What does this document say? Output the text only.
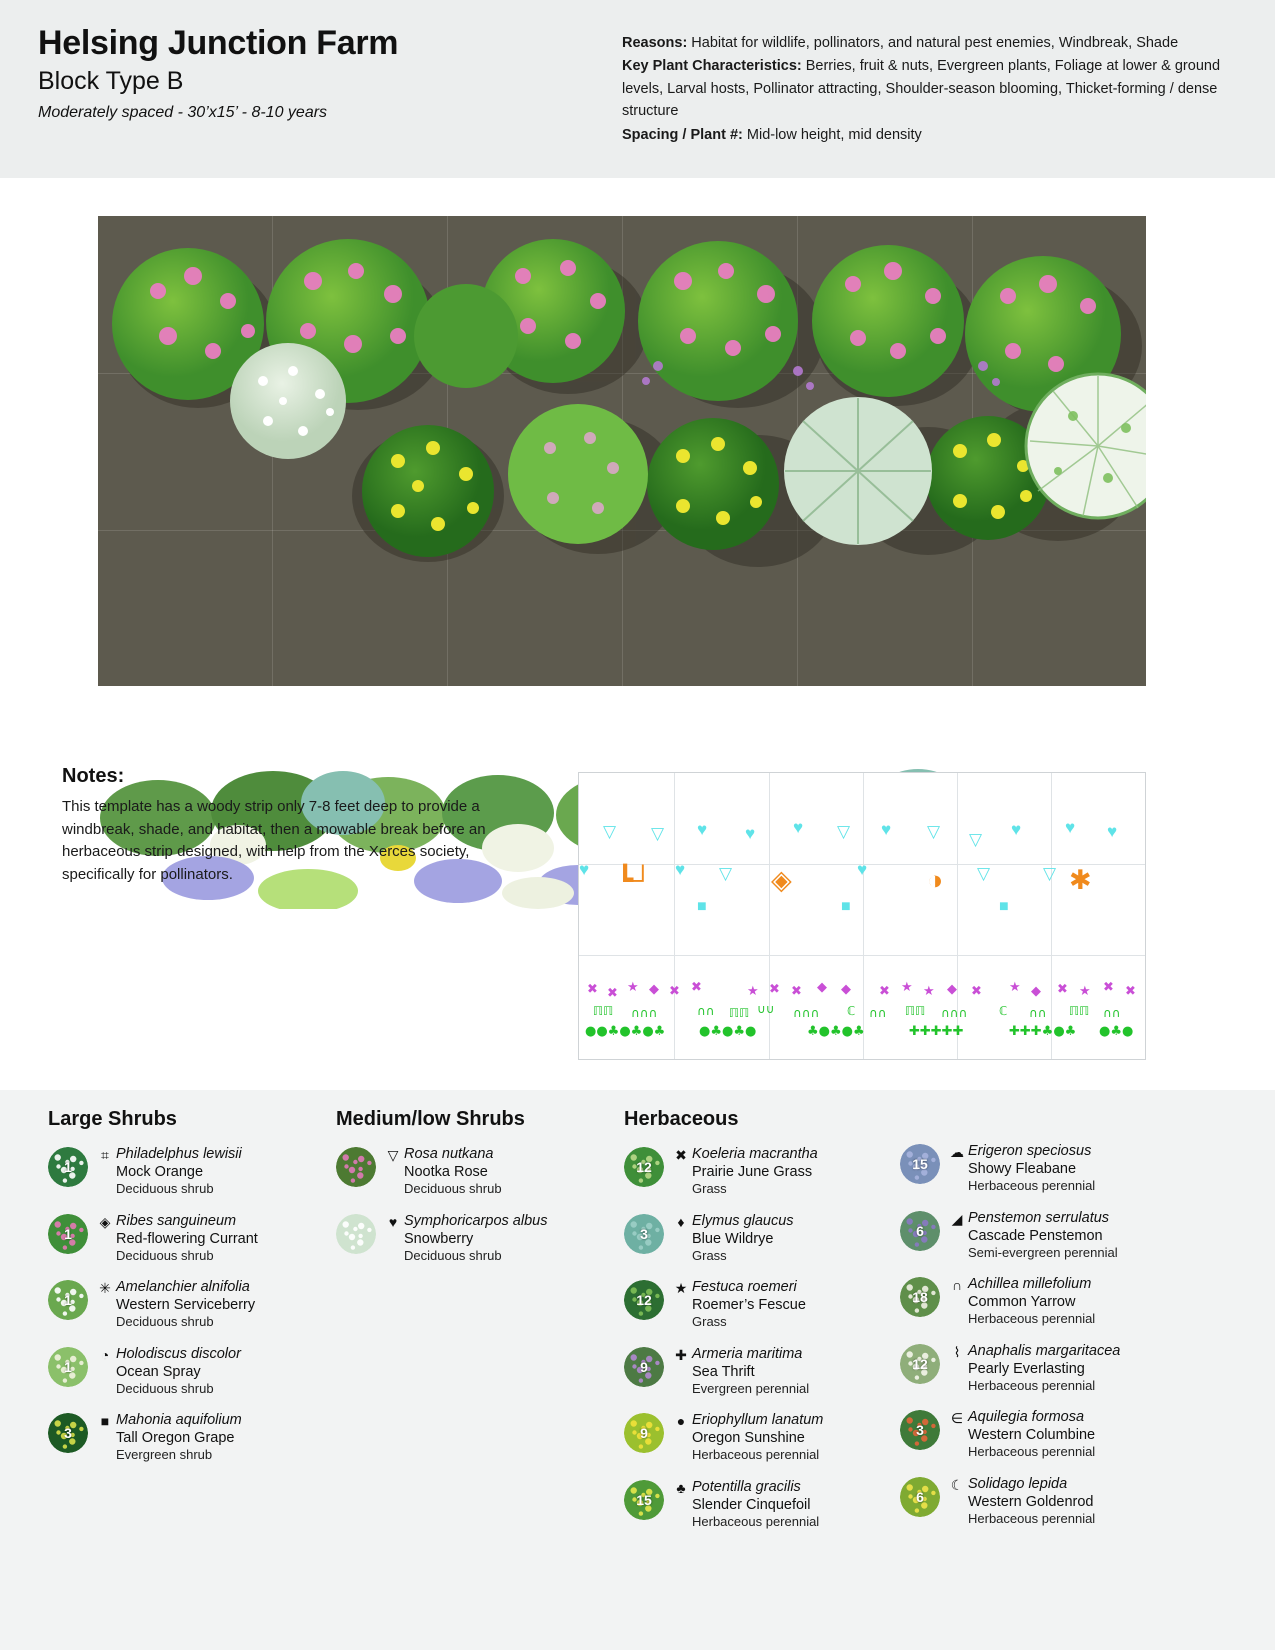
Helsing Junction Farm
Block Type B
Moderately spaced - 30’x15’ - 8-10 years
Reasons: Habitat for wildlife, pollinators, and natural pest enemies, Windbreak, Shade
Key Plant Characteristics: Berries, fruit & nuts, Evergreen plants, Foliage at lower & ground levels, Larval hosts, Pollinator attracting, Shoulder-season blooming, Thicket-forming / dense structure
Spacing / Plant #: Mid-low height, mid density
Notes:

This template has a woody strip only 7-8 feet deep to provide a windbreak, shade, and habitat, then a mowable break before an herbaceous strip designed, with help from the Xerces society, specifically for pollinators.

▽ ▽ ♥ ♥ ♥ ▽ ♥ ▽ ▽
♥	♥ ♥
♥	♥ ▽	♥	▽	▽
┗┘	◈	◑	✱
■	■	■
✖ ✖ ★ ◆ ✖ ✖	★ ✖ ✖ ◆ ◆ ✖ ★ ★ ◆ ✖ ★ ◆ ✖ ★ ✖ ✖
ℿℿ ∩∩∩	∩∩ ℿℿ ∪∪ ∩∩∩ ℂ ∩∩ ℿℿ ∩∩∩	ℂ ∩∩ ℿℿ ∩∩
●●♣●♣●♣	●♣●♣●	♣●♣●♣	✚✚✚✚✚	✚✚✚♣●♣ ●♣●
Large Shrubs
1
⌗ Philadelphus lewisii
Mock Orange
Deciduous shrub
1
◈ Ribes sanguineum
Red-flowering Currant
Deciduous shrub
1
✳ Amelanchier alnifolia
Western Serviceberry
Deciduous shrub
1
◔ Holodiscus discolor
Ocean Spray
Deciduous shrub
3
■ Mahonia aquifolium
Tall Oregon Grape
Evergreen shrub
Medium/low Shrubs
▽ Rosa nutkana
Nootka Rose
Deciduous shrub
♥ Symphoricarpos albus
Snowberry
Deciduous shrub
Herbaceous
12
✖ Koeleria macrantha
Prairie June Grass
Grass
3
♦ Elymus glaucus
Blue Wildrye
Grass
12
★ Festuca roemeri
Roemer’s Fescue
Grass
9
✚ Armeria maritima
Sea Thrift
Evergreen perennial
9
● Eriophyllum lanatum
Oregon Sunshine
Herbaceous perennial
15
♣ Potentilla gracilis
Slender Cinquefoil
Herbaceous perennial
15
☁ Erigeron speciosus
Showy Fleabane
Herbaceous perennial
6
◢ Penstemon serrulatus
Cascade Penstemon
Semi-evergreen perennial
18
∩ Achillea millefolium
Common Yarrow
Herbaceous perennial
12
⌇ Anaphalis margaritacea
Pearly Everlasting
Herbaceous perennial
3
∈ Aquilegia formosa
Western Columbine
Herbaceous perennial
6
☾ Solidago lepida
Western Goldenrod
Herbaceous perennial
